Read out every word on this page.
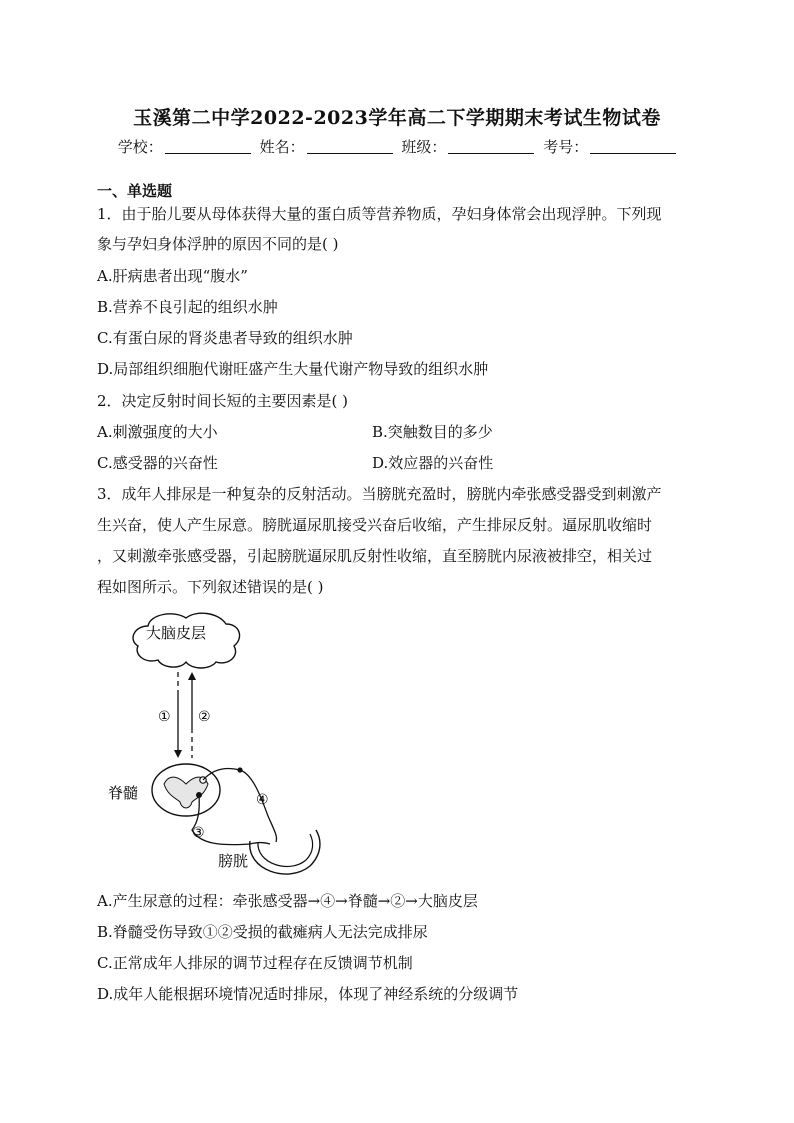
玉溪第二中学2022-2023学年高二下学期期末考试生物试卷
学校：	姓名：	班级：	考号：
一、单选题
1．由于胎儿要从母体获得大量的蛋白质等营养物质，孕妇身体常会出现浮肿。下列现
象与孕妇身体浮肿的原因不同的是( )
A.肝病患者出现“腹水”
B.营养不良引起的组织水肿
C.有蛋白尿的肾炎患者导致的组织水肿
D.局部组织细胞代谢旺盛产生大量代谢产物导致的组织水肿
2．决定反射时间长短的主要因素是( )
A.刺激强度的大小	B.突触数目的多少
C.感受器的兴奋性	D.效应器的兴奋性
3．成年人排尿是一种复杂的反射活动。当膀胱充盈时，膀胱内牵张感受器受到刺激产
生兴奋，使人产生尿意。膀胱逼尿肌接受兴奋后收缩，产生排尿反射。逼尿肌收缩时
，又刺激牵张感受器，引起膀胱逼尿肌反射性收缩，直至膀胱内尿液被排空，相关过
程如图所示。下列叙述错误的是( )
大脑皮层
① ②
脊髓	④
③
膀胱
A.产生尿意的过程：牵张感受器→④→脊髓→②→大脑皮层
B.脊髓受伤导致①②受损的截瘫病人无法完成排尿
C.正常成年人排尿的调节过程存在反馈调节机制
D.成年人能根据环境情况适时排尿，体现了神经系统的分级调节
